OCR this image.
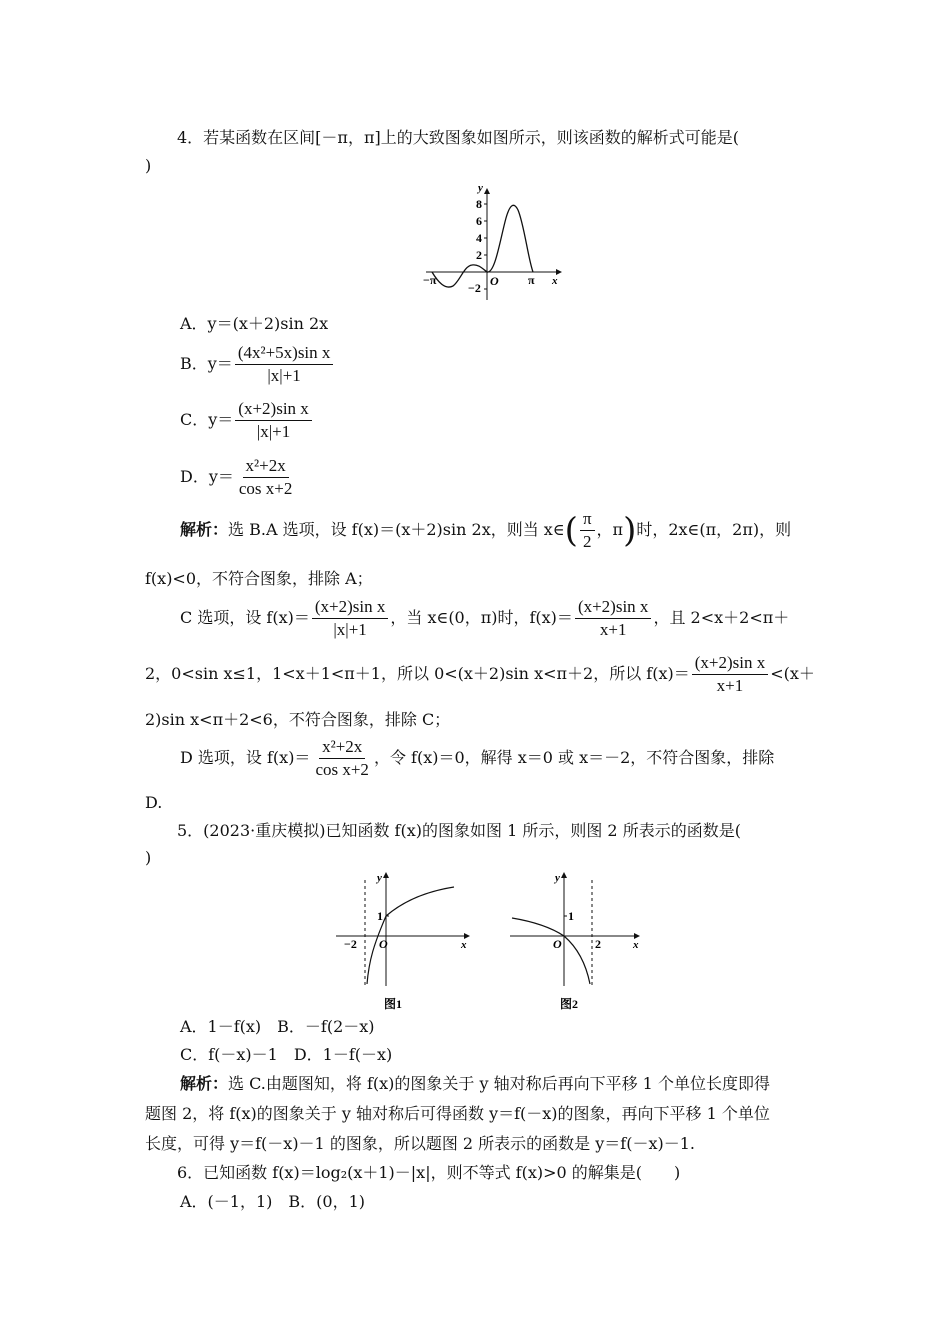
4．若某函数在区间[－π，π]上的大致图象如图所示，则该函数的解析式可能是(
)
y
x
O
8
6
4
2
−2
−π	π
A．y＝(x＋2)sin 2x
B．$y= \frac{\text{(4x²+5x)sin x}}{|x|+1}$
C．$y= \frac{\text{(x+2)sin x}}{|x|+1}$
D．$y= \frac{\text{x²+2x}}{\text{cos x+2}}$
解析：选 B.A 选项，设 f(x)＝(x＋2)sin 2x，则当 x∈( $\frac{\pi}{2}$ ，π)时，2x∈(π，2π)，则
f(x)<0，不符合图象，排除 A；
C 选项，设 $f(x)= \frac{\text{(x+2)sin x}}{|x|+1}$ ，当 x∈(0，π)时，$f(x)= \frac{\text{(x+2)sin x}}{x+1}$ ，且 2<x＋2<π＋
2，0<sin x≤1，1<x＋1<π＋1，所以 0<(x＋2)sin x<π＋2，所以 $f(x)= \frac{\text{(x+2)sin x}}{x+1} <(x+$
2)sin x<π＋2<6，不符合图象，排除 C；
D 选项，设 $f(x)= \frac{\text{x²+2x}}{\text{cos x+2}}$ ，令 f(x)＝0，解得 x＝0 或 x＝－2，不符合图象，排除
D.
5．(2023·重庆模拟)已知函数 f(x)的图象如图 1 所示，则图 2 所表示的函数是(
)
y
x
O
1
−2
图1
y
x
O
1
2
图2
A．1－f(x)　B．－f(2－x)
C．f(－x)－1　D．1－f(－x)
解析：选 C.由题图知，将 f(x)的图象关于 y 轴对称后再向下平移 1 个单位长度即得
题图 2，将 f(x)的图象关于 y 轴对称后可得函数 y＝f(－x)的图象，再向下平移 1 个单位
长度，可得 y＝f(－x)－1 的图象，所以题图 2 所表示的函数是 y＝f(－x)－1.
6．已知函数 f(x)＝log₂(x＋1)－|x|，则不等式 f(x)>0 的解集是(　　)
A．(－1，1)　B．(0，1)
